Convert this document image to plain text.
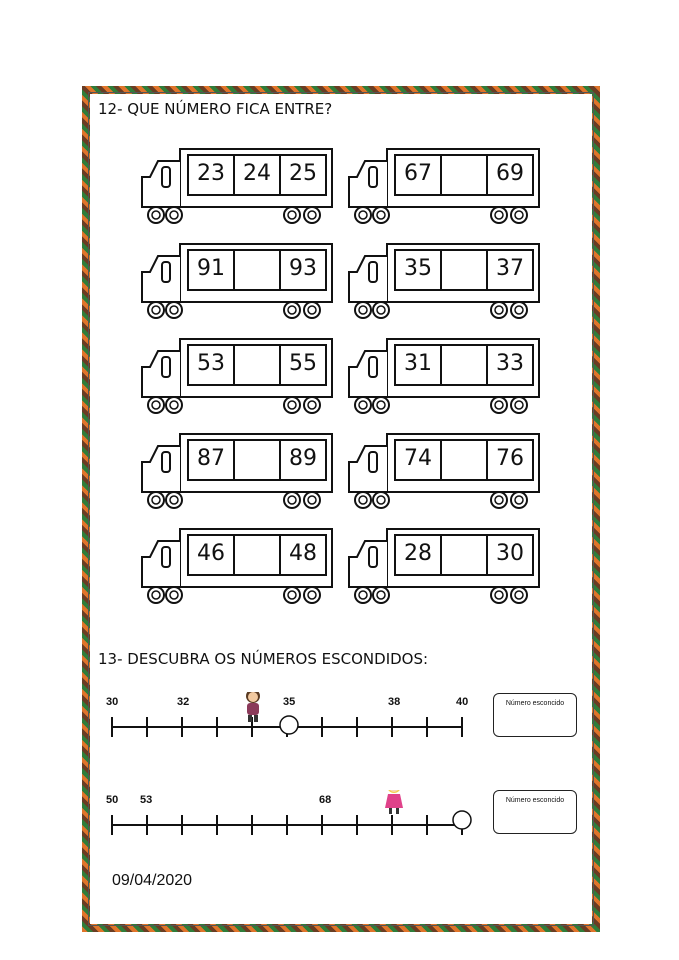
12- QUE NÚMERO FICA ENTRE?
23 24 25	67	69
91	93	35	37
53	55	31	33
87	89	74	76
46	48	28	30
13- DESCUBRA OS NÚMEROS ESCONDIDOS:
30	32	35	38	40	Número esconcido
50 53	68	Número esconcido
09/04/2020
